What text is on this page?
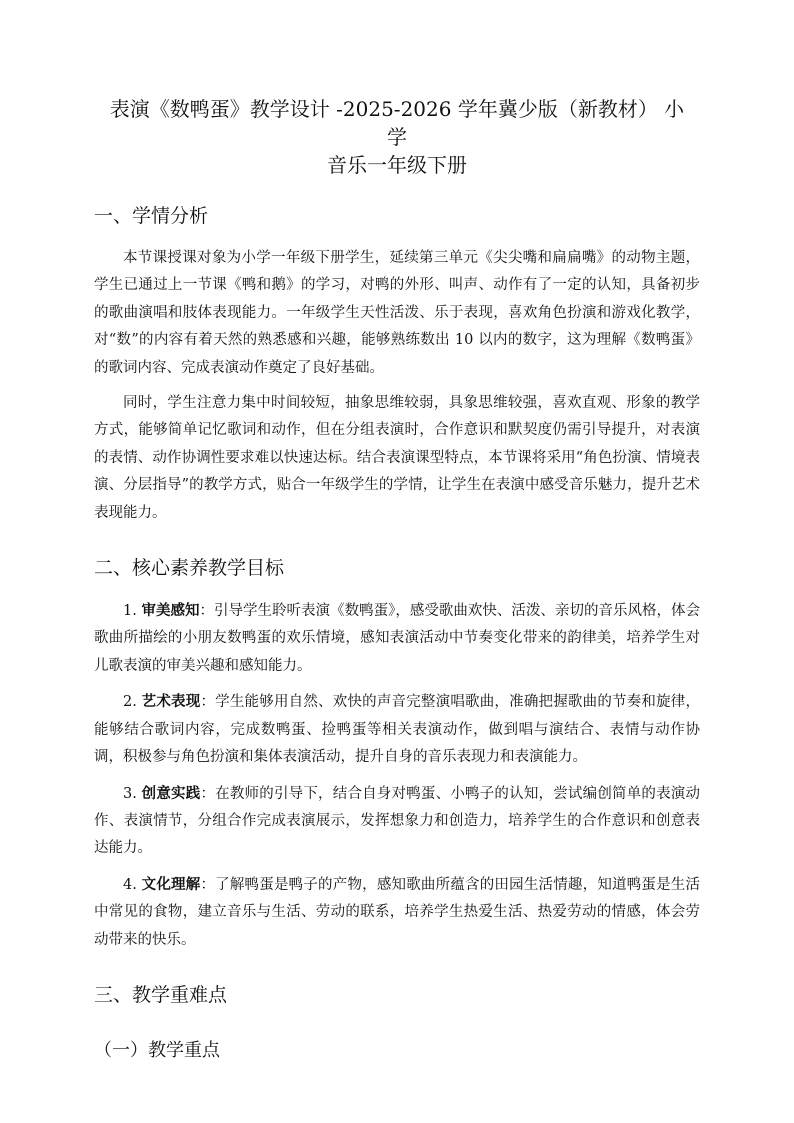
表演《数鸭蛋》教学设计 -2025-2026 学年冀少版（新教材） 小学
音乐一年级下册
一、学情分析

本节课授课对象为小学一年级下册学生，延续第三单元《尖尖嘴和扁扁嘴》的动物主题，学生已通过上一节课《鸭和鹅》的学习，对鸭的外形、叫声、动作有了一定的认知，具备初步的歌曲演唱和肢体表现能力。一年级学生天性活泼、乐于表现，喜欢角色扮演和游戏化教学，对“数”的内容有着天然的熟悉感和兴趣，能够熟练数出 10 以内的数字，这为理解《数鸭蛋》的歌词内容、完成表演动作奠定了良好基础。

同时，学生注意力集中时间较短，抽象思维较弱，具象思维较强，喜欢直观、形象的教学方式，能够简单记忆歌词和动作，但在分组表演时，合作意识和默契度仍需引导提升，对表演的表情、动作协调性要求难以快速达标。结合表演课型特点，本节课将采用“角色扮演、情境表演、分层指导”的教学方式，贴合一年级学生的学情，让学生在表演中感受音乐魅力，提升艺术表现能力。

二、核心素养教学目标

1. 审美感知：引导学生聆听表演《数鸭蛋》，感受歌曲欢快、活泼、亲切的音乐风格，体会歌曲所描绘的小朋友数鸭蛋的欢乐情境，感知表演活动中节奏变化带来的韵律美，培养学生对儿歌表演的审美兴趣和感知能力。

2. 艺术表现：学生能够用自然、欢快的声音完整演唱歌曲，准确把握歌曲的节奏和旋律，能够结合歌词内容，完成数鸭蛋、捡鸭蛋等相关表演动作，做到唱与演结合、表情与动作协调，积极参与角色扮演和集体表演活动，提升自身的音乐表现力和表演能力。

3. 创意实践：在教师的引导下，结合自身对鸭蛋、小鸭子的认知，尝试编创简单的表演动作、表演情节，分组合作完成表演展示，发挥想象力和创造力，培养学生的合作意识和创意表达能力。

4. 文化理解：了解鸭蛋是鸭子的产物，感知歌曲所蕴含的田园生活情趣，知道鸭蛋是生活中常见的食物，建立音乐与生活、劳动的联系，培养学生热爱生活、热爱劳动的情感，体会劳动带来的快乐。

三、教学重难点
（一）教学重点
